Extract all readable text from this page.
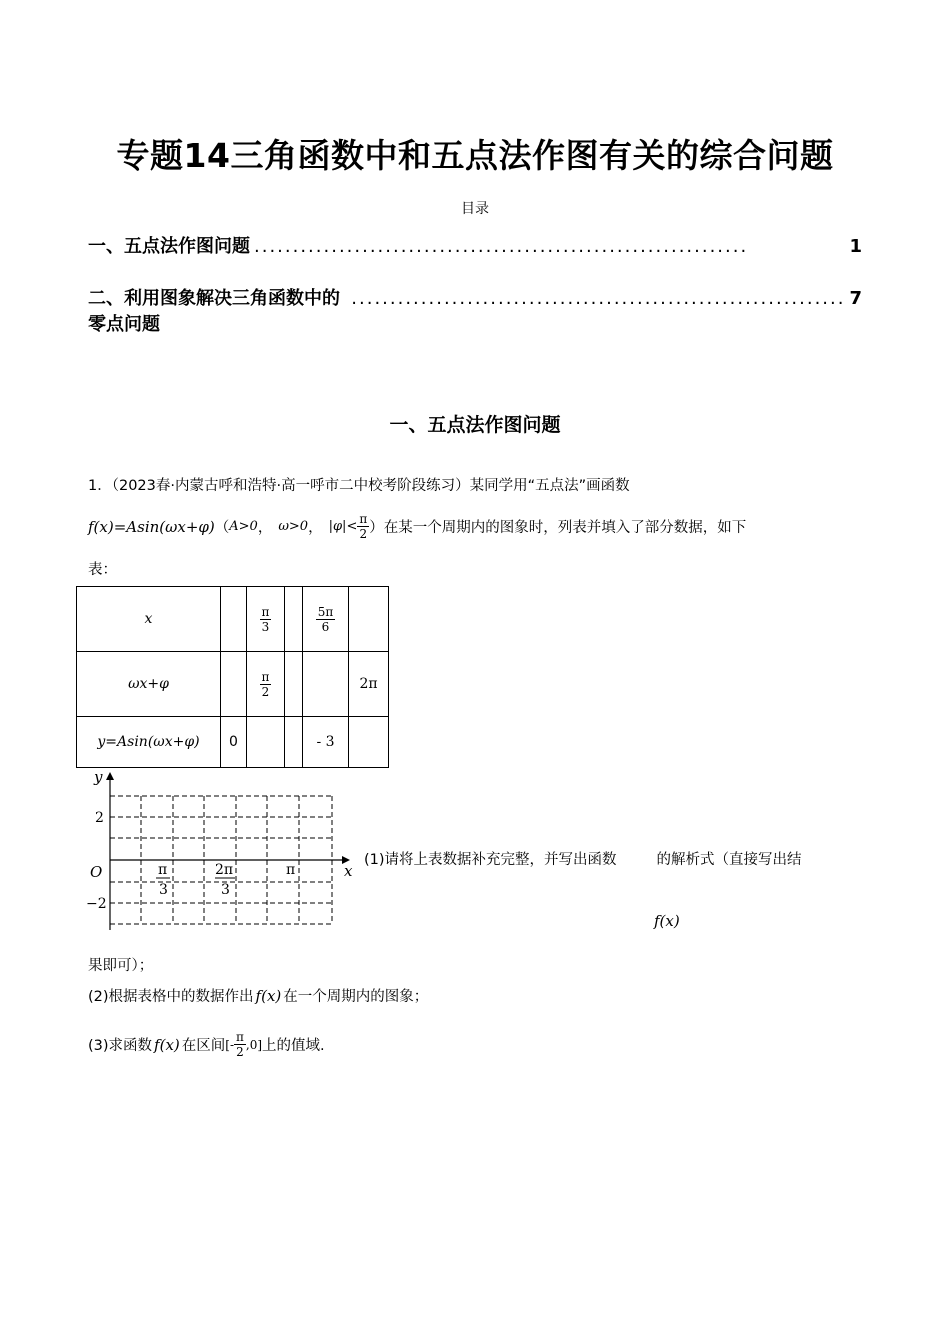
专题14三角函数中和五点法作图有关的综合问题
目录
一、五点法作图问题 ................................................................	1
二、利用图象解决三角函数中的零点问题
................................................................ 7
一、五点法作图问题
1．（2023春·内蒙古呼和浩特·高一呼市二中校考阶段练习）某同学用“五点法”画函数
f(x)=Asin(ωx+φ) （ A>0 ， ω>0 ， $|\varphi|< \frac{\pi}{2}$ ）在某一个周期内的图象时，列表并填入了部分数据，如下
表：
x		$\frac{\pi}{3}$		$\frac{5\pi}{6}$

ωx+φ		$\frac{\pi}{2}$			2π
y=Asin(ωx+φ)	0			- 3	
y
x
O
2
−2
π
3
2π
3
π
(1)请将上表数据补充完整，并写出函数	的解析式（直接写出结
f(x)
果即可）；
(2)根据表格中的数据作出 f(x) 在一个周期内的图象；
(3)求函数 f(x) 在区间 [- $\frac{\pi}{2} ,0$] 上的值域.
